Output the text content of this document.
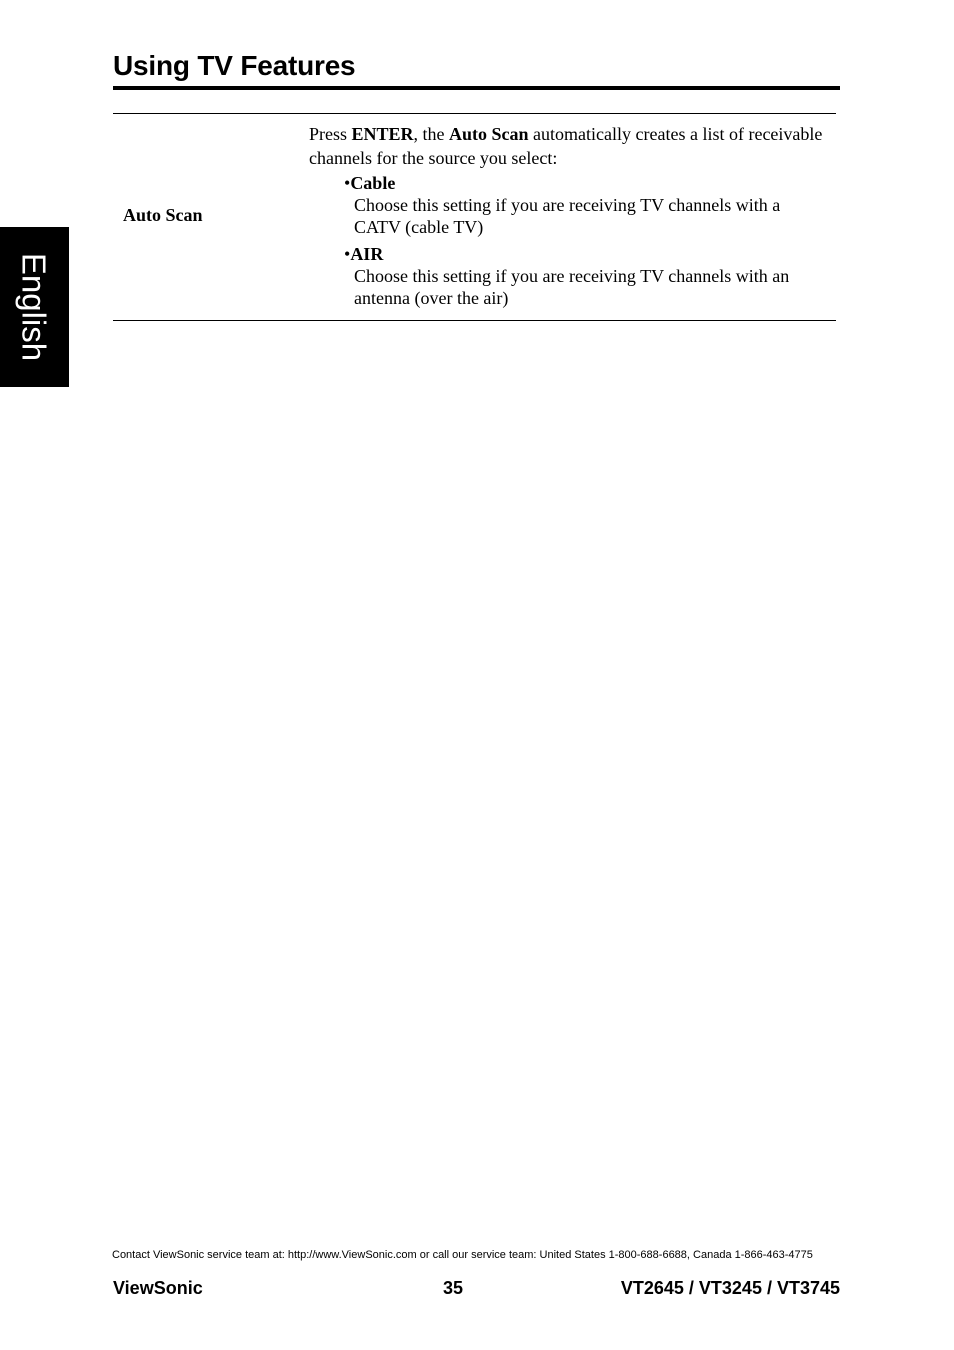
Using TV Features
English
Auto Scan

Press ENTER, the Auto Scan automatically creates a list of receivable channels for the source you select:

•Cable

Choose this setting if you are receiving TV channels with a CATV (cable TV)

•AIR

Choose this setting if you are receiving TV channels with an antenna (over the air)

Contact ViewSonic service team at: http://www.ViewSonic.com or call our service team: United States 1-800-688-6688, Canada 1-866-463-4775
ViewSonic	35	VT2645 / VT3245 / VT3745
